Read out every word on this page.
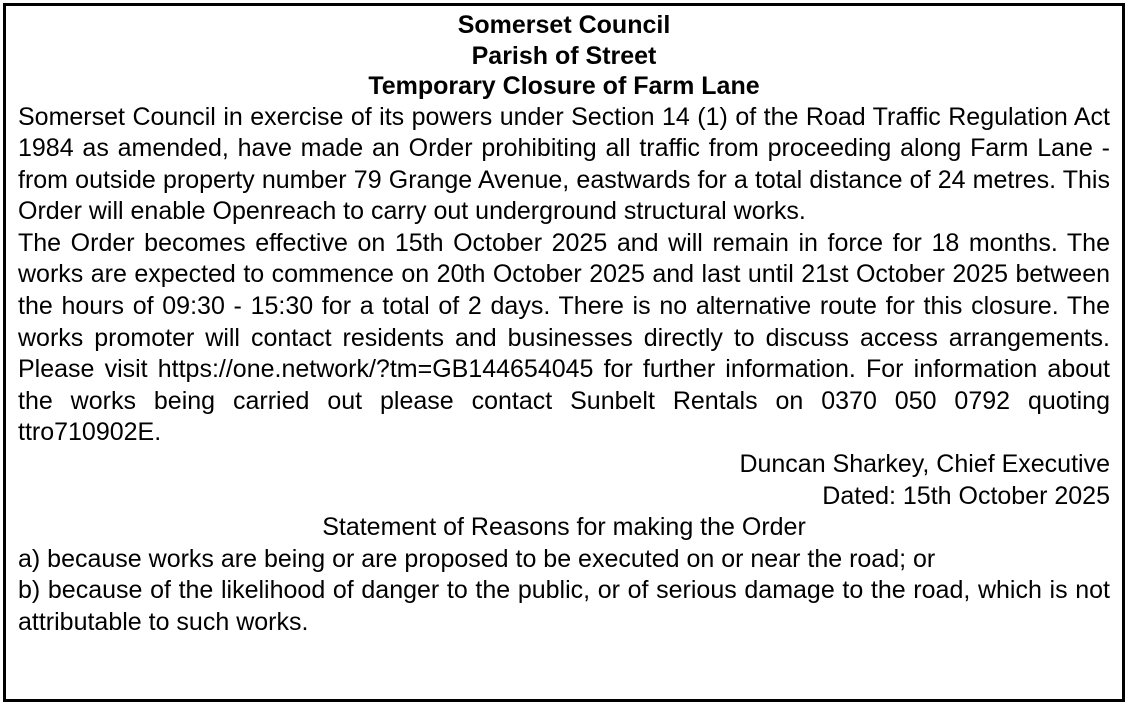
Somerset Council

Parish of Street

Temporary Closure of Farm Lane

Somerset Council in exercise of its powers under Section 14 (1) of the Road Traffic Regulation Act 1984 as amended, have made an Order prohibiting all traffic from proceeding along Farm Lane - from outside property number 79 Grange Avenue, eastwards for a total distance of 24 metres. This Order will enable Openreach to carry out underground structural works.

The Order becomes effective on 15th October 2025 and will remain in force for 18 months. The works are expected to commence on 20th October 2025 and last until 21st October 2025 between the hours of 09:30 - 15:30 for a total of 2 days. There is no alternative route for this closure. The works promoter will contact residents and businesses directly to discuss access arrangements. Please visit https://one.network/?tm=GB144654045 for further information. For information about the works being carried out please contact Sunbelt Rentals on 0370 050 0792 quoting ttro710902E.

Duncan Sharkey, Chief Executive

Dated: 15th October 2025

Statement of Reasons for making the Order

a) because works are being or are proposed to be executed on or near the road; or

b) because of the likelihood of danger to the public, or of serious damage to the road, which is not attributable to such works.
